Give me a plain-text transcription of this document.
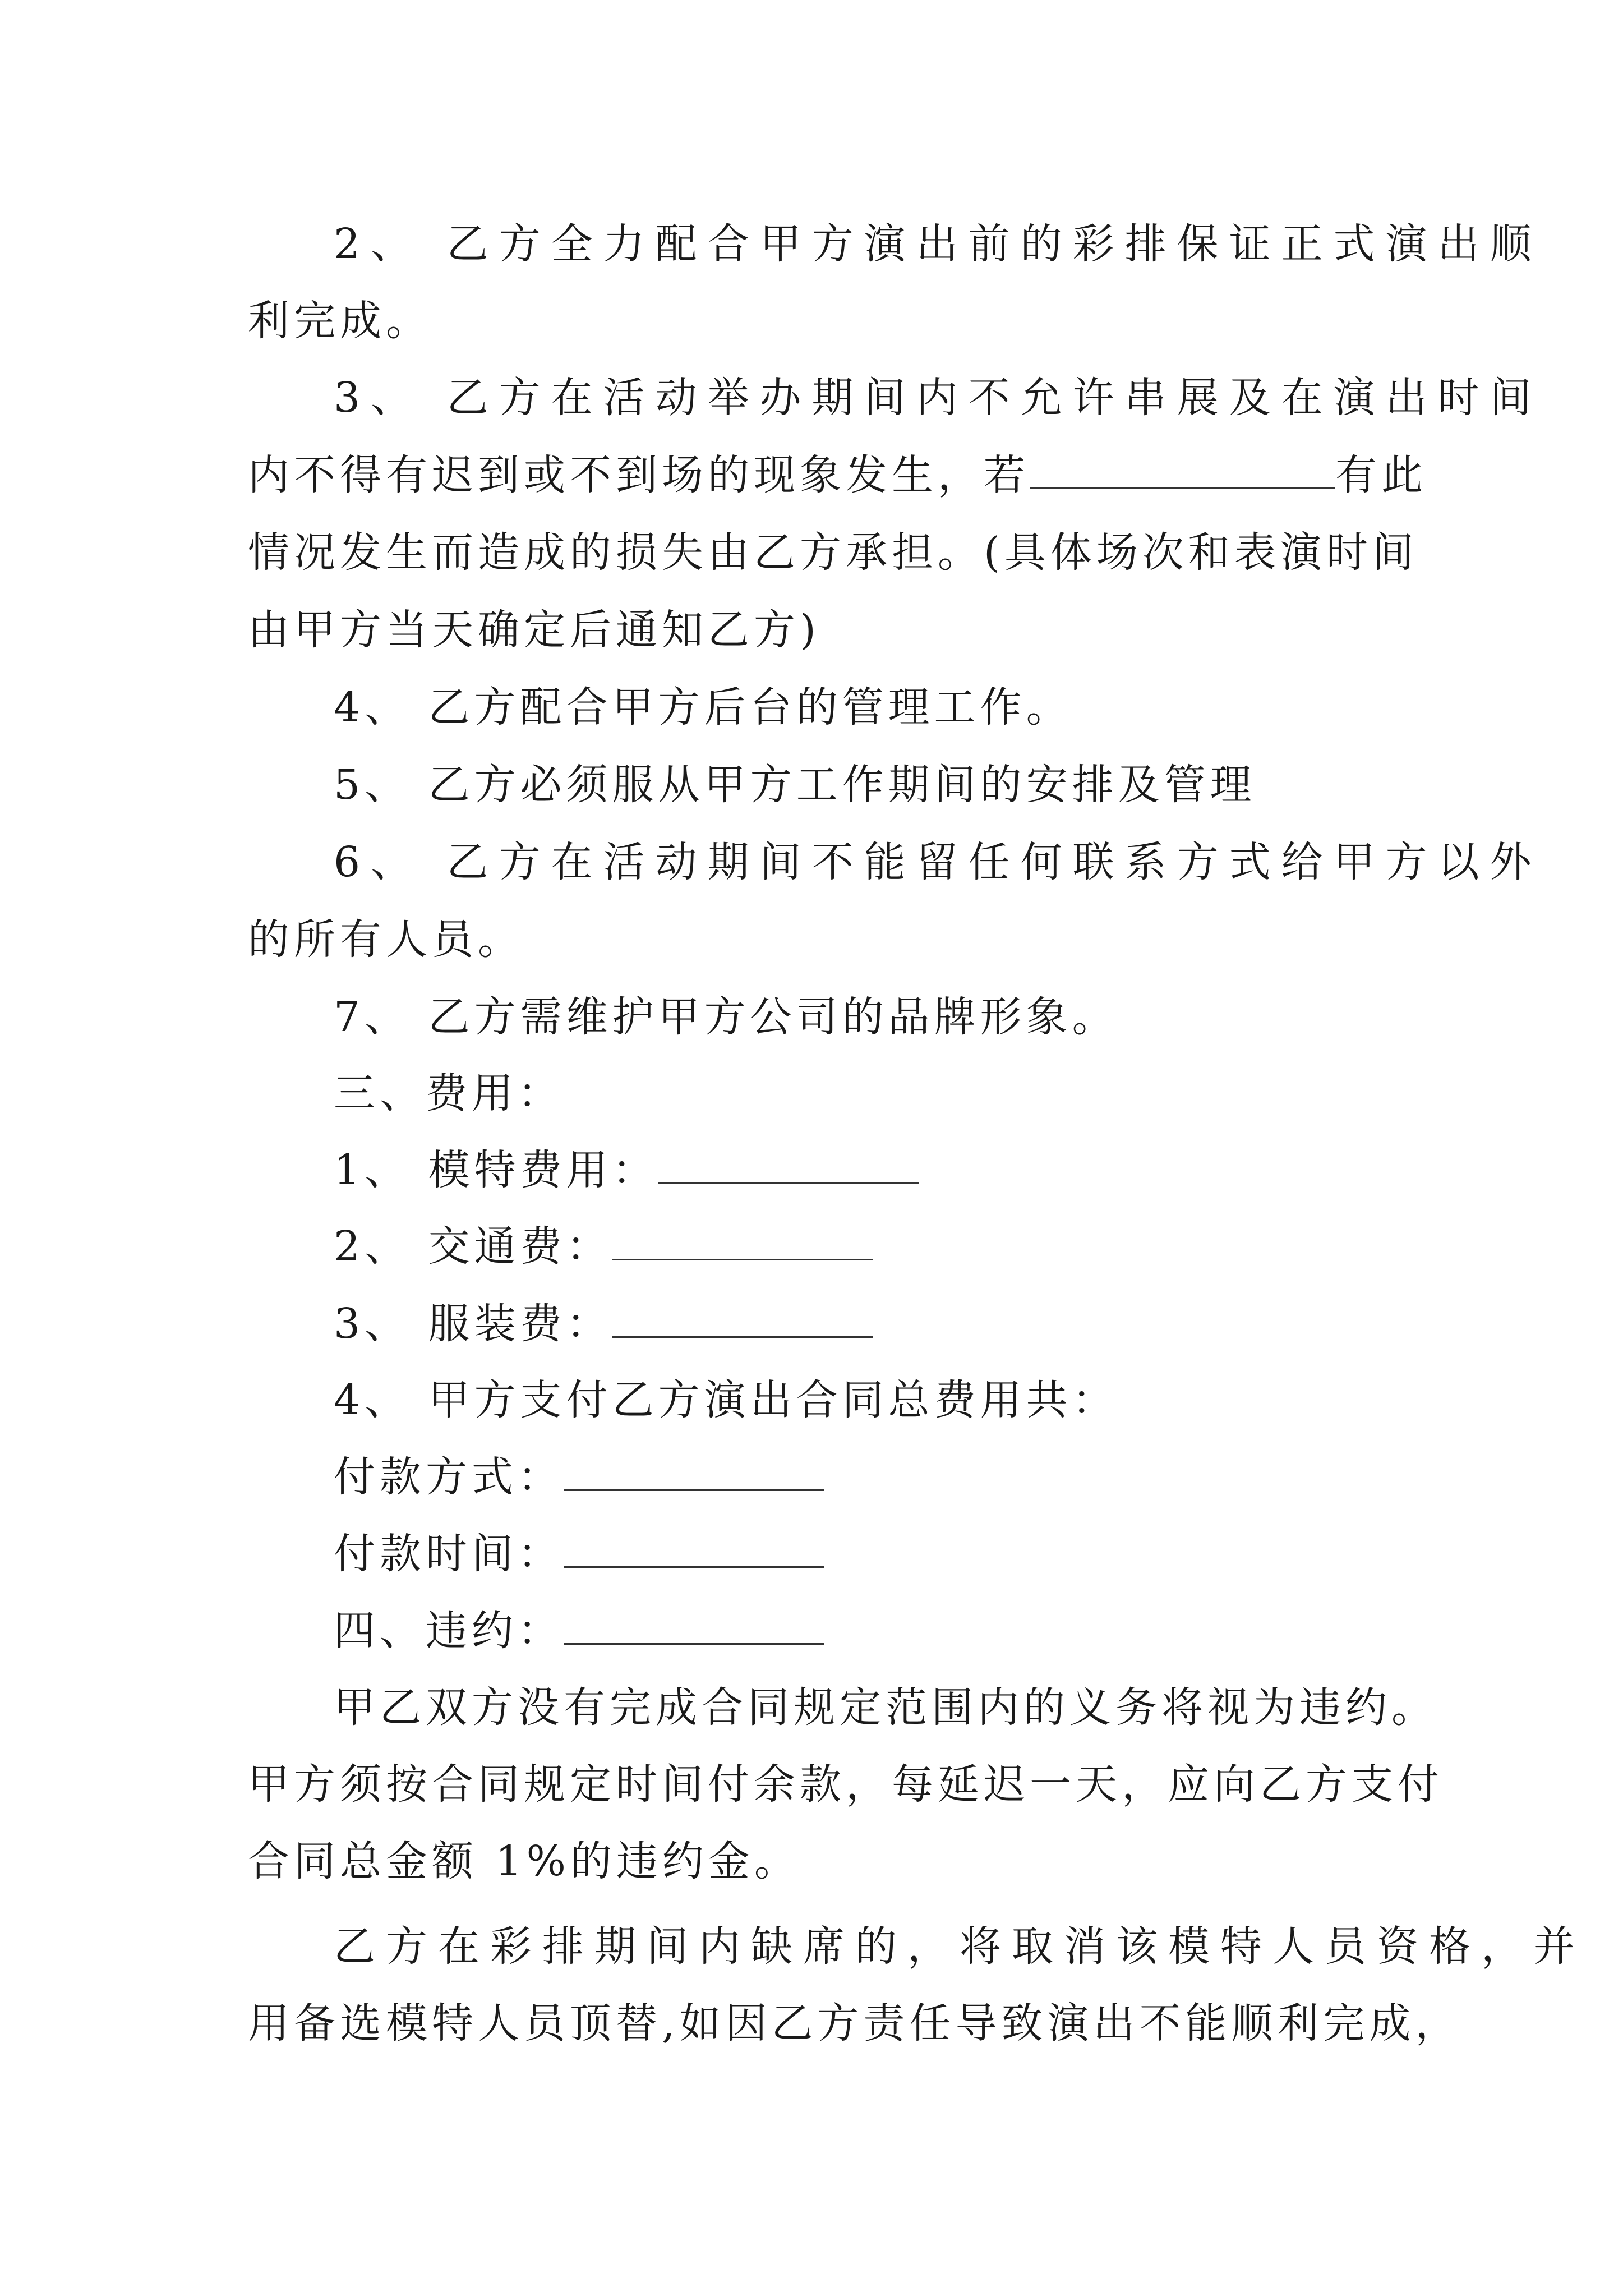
2、 乙方全力配合甲方演出前的彩排保证正式演出顺
利完成。
3、 乙方在活动举办期间内不允许串展及在演出时间
内不得有迟到或不到场的现象发生，若	有此
情况发生而造成的损失由乙方承担。(具体场次和表演时间
由甲方当天确定后通知乙方)
4、 乙方配合甲方后台的管理工作。
5、 乙方必须服从甲方工作期间的安排及管理
6、 乙方在活动期间不能留任何联系方式给甲方以外
的所有人员。
7、 乙方需维护甲方公司的品牌形象。
三、费用：
1、 模特费用：
2、 交通费：
3、 服装费：
4、 甲方支付乙方演出合同总费用共：
付款方式：
付款时间：
四、违约：
甲乙双方没有完成合同规定范围内的义务将视为违约。
甲方须按合同规定时间付余款，每延迟一天，应向乙方支付
合同总金额 1%的违约金。
乙方在彩排期间内缺席的，将取消该模特人员资格，并
用备选模特人员顶替,如因乙方责任导致演出不能顺利完成，
